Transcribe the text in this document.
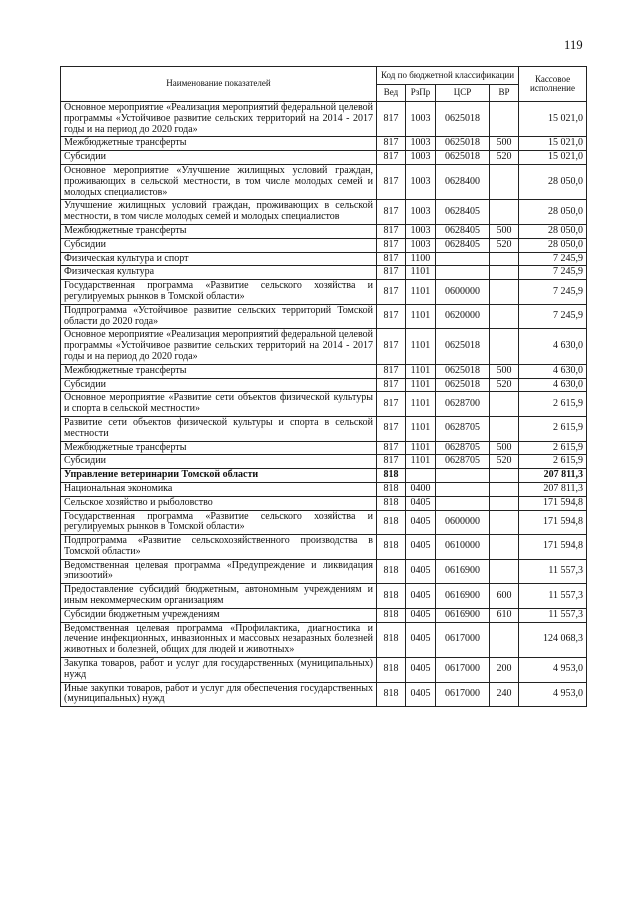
119
Наименование показателей	Код по бюджетной классификации				Кассовое исполнение
	Вед	РзПр	ЦСР	ВР	
Основное мероприятие «Реализация мероприятий федеральной целевой программы «Устойчивое развитие сельских территорий на 2014 - 2017 годы и на период до 2020 года»	817	1003	0625018		15 021,0
Межбюджетные трансферты	817	1003	0625018	500	15 021,0
Субсидии	817	1003	0625018	520	15 021,0
Основное мероприятие «Улучшение жилищных условий граждан, проживающих в сельской местности, в том числе молодых семей и молодых специалистов»	817	1003	0628400		28 050,0
Улучшение жилищных условий граждан, проживающих в сельской местности, в том числе молодых семей и молодых специалистов	817	1003	0628405		28 050,0
Межбюджетные трансферты	817	1003	0628405	500	28 050,0
Субсидии	817	1003	0628405	520	28 050,0
Физическая культура и спорт	817	1100			7 245,9
Физическая культура	817	1101			7 245,9
Государственная программа «Развитие сельского хозяйства и регулируемых рынков в Томской области»	817	1101	0600000		7 245,9
Подпрограмма «Устойчивое развитие сельских территорий Томской области до 2020 года»	817	1101	0620000		7 245,9
Основное мероприятие «Реализация мероприятий федеральной целевой программы «Устойчивое развитие сельских территорий на 2014 - 2017 годы и на период до 2020 года»	817	1101	0625018		4 630,0
Межбюджетные трансферты	817	1101	0625018	500	4 630,0
Субсидии	817	1101	0625018	520	4 630,0
Основное мероприятие «Развитие сети объектов физической культуры и спорта в сельской местности»	817	1101	0628700		2 615,9
Развитие сети объектов физической культуры и спорта в сельской местности	817	1101	0628705		2 615,9
Межбюджетные трансферты	817	1101	0628705	500	2 615,9
Субсидии	817	1101	0628705	520	2 615,9
Управление ветеринарии Томской области	818				207 811,3
Национальная экономика	818	0400			207 811,3
Сельское хозяйство и рыболовство	818	0405			171 594,8
Государственная программа «Развитие сельского хозяйства и регулируемых рынков в Томской области»	818	0405	0600000		171 594,8
Подпрограмма «Развитие сельскохозяйственного производства в Томской области»	818	0405	0610000		171 594,8
Ведомственная целевая программа «Предупреждение и ликвидация эпизоотий»	818	0405	0616900		11 557,3
Предоставление субсидий бюджетным, автономным учреждениям и иным некоммерческим организациям	818	0405	0616900	600	11 557,3
Субсидии бюджетным учреждениям	818	0405	0616900	610	11 557,3
Ведомственная целевая программа «Профилактика, диагностика и лечение инфекционных, инвазионных и массовых незаразных болезней животных и болезней, общих для людей и животных»	818	0405	0617000		124 068,3
Закупка товаров, работ и услуг для государственных (муниципальных) нужд	818	0405	0617000	200	4 953,0
Иные закупки товаров, работ и услуг для обеспечения государственных (муниципальных) нужд	818	0405	0617000	240	4 953,0
